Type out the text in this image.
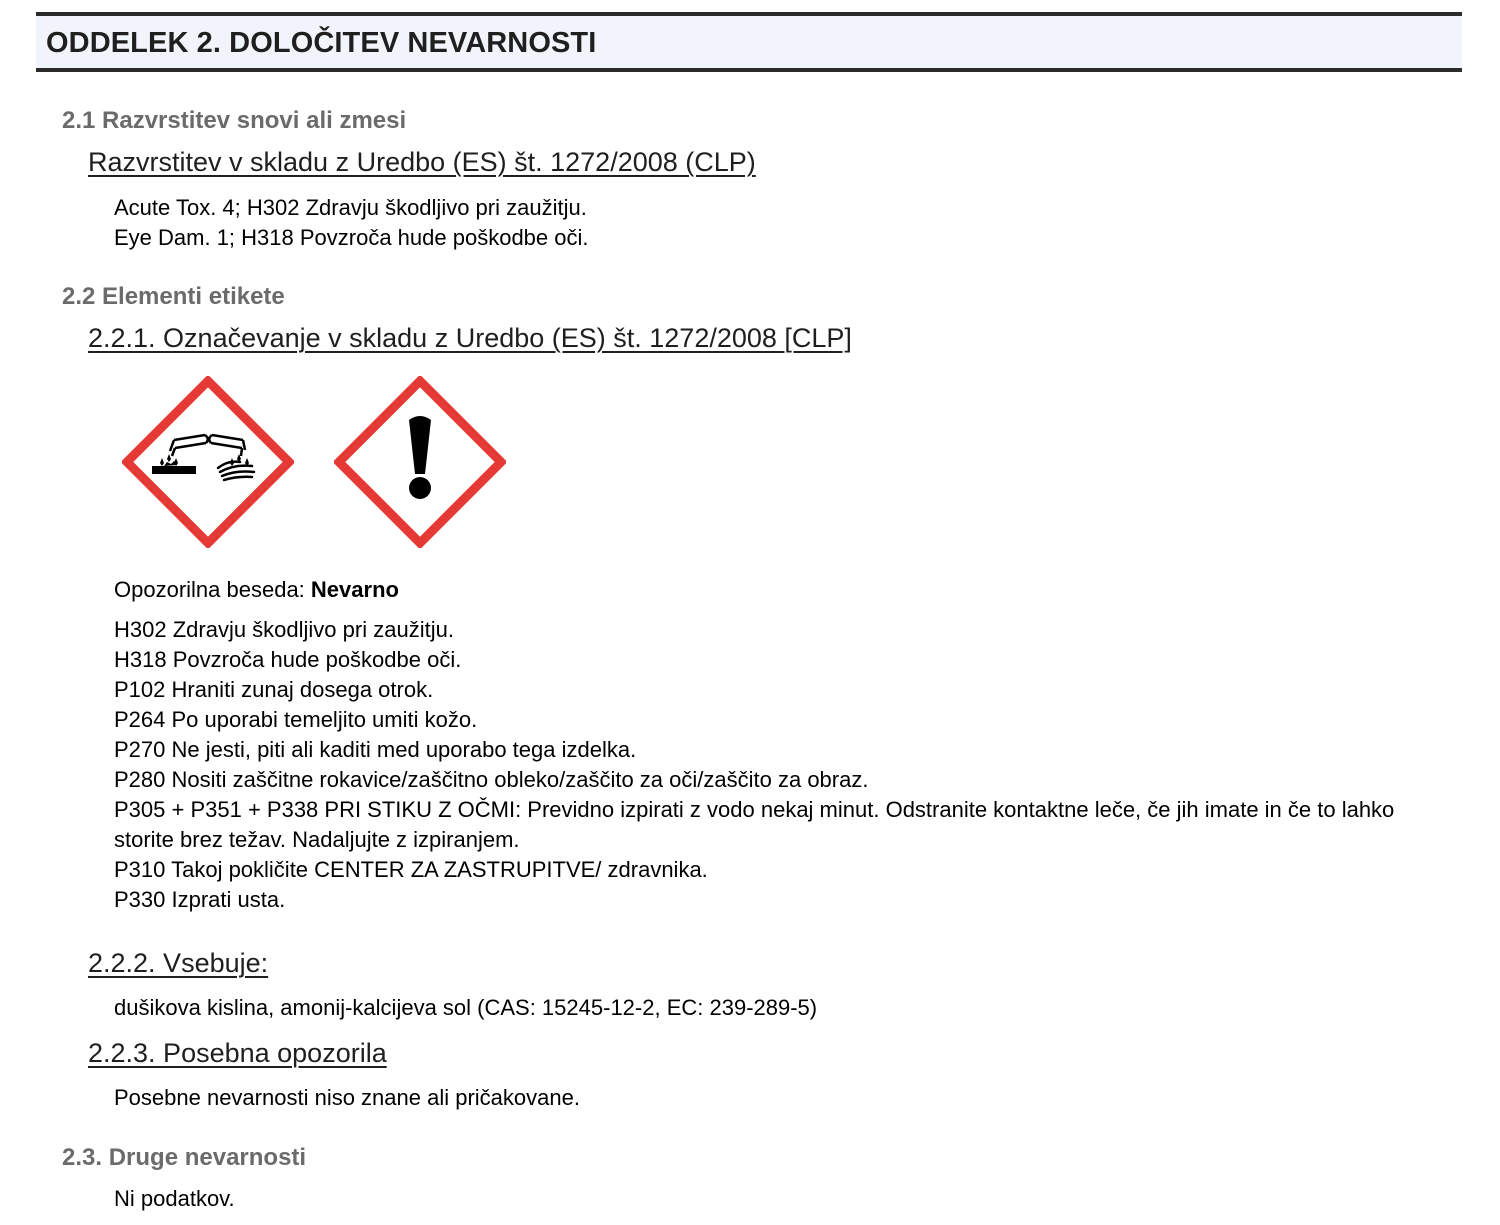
ODDELEK 2. DOLOČITEV NEVARNOSTI
2.1 Razvrstitev snovi ali zmesi
Razvrstitev v skladu z Uredbo (ES) št. 1272/2008 (CLP)
Acute Tox. 4; H302 Zdravju škodljivo pri zaužitju.
Eye Dam. 1; H318 Povzroča hude poškodbe oči.
2.2 Elementi etikete
2.2.1. Označevanje v skladu z Uredbo (ES) št. 1272/2008 [CLP]
Opozorilna beseda: Nevarno
H302 Zdravju škodljivo pri zaužitju.
H318 Povzroča hude poškodbe oči.
P102 Hraniti zunaj dosega otrok.
P264 Po uporabi temeljito umiti kožo.
P270 Ne jesti, piti ali kaditi med uporabo tega izdelka.
P280 Nositi zaščitne rokavice/zaščitno obleko/zaščito za oči/zaščito za obraz.
P305 + P351 + P338 PRI STIKU Z OČMI: Previdno izpirati z vodo nekaj minut. Odstranite kontaktne leče, če jih imate in če to lahko storite brez težav. Nadaljujte z izpiranjem.
P310 Takoj pokličite CENTER ZA ZASTRUPITVE/ zdravnika.
P330 Izprati usta.
2.2.2. Vsebuje:
dušikova kislina, amonij-kalcijeva sol (CAS: 15245-12-2, EC: 239-289-5)
2.2.3. Posebna opozorila
Posebne nevarnosti niso znane ali pričakovane.
2.3. Druge nevarnosti
Ni podatkov.
